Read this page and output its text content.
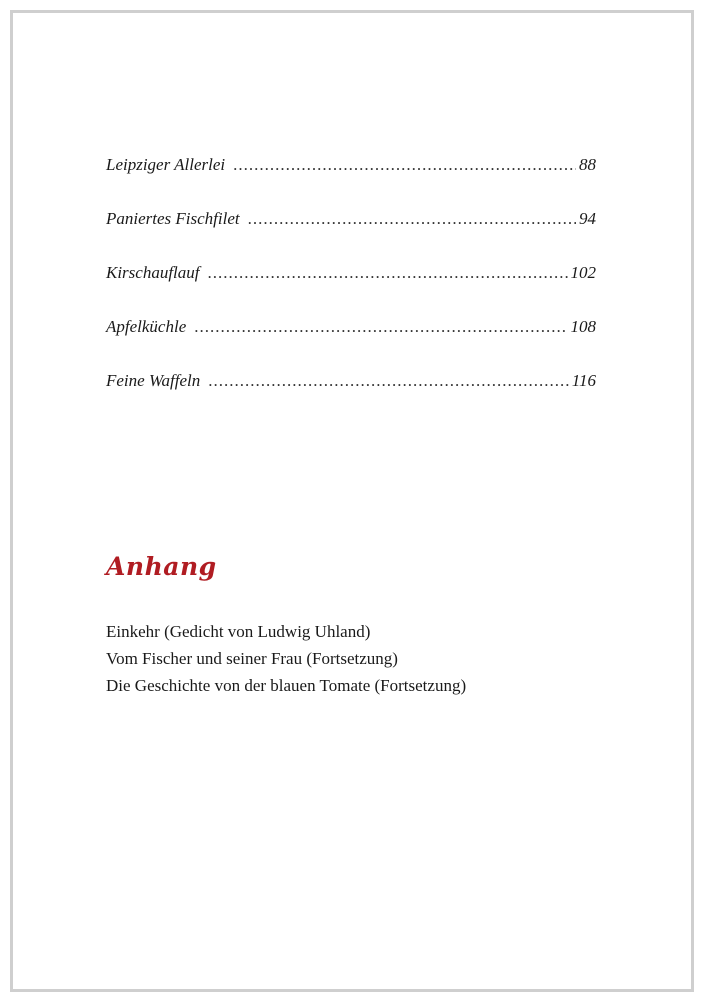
Leipziger Allerlei .....	88
Paniertes Fischfilet .....	94
Kirschauflauf .....	102
Apfelküchle .....	108
Feine Waffeln .....	116
Anhang
Einkehr (Gedicht von Ludwig Uhland)
Vom Fischer und seiner Frau (Fortsetzung)
Die Geschichte von der blauen Tomate (Fortsetzung)
